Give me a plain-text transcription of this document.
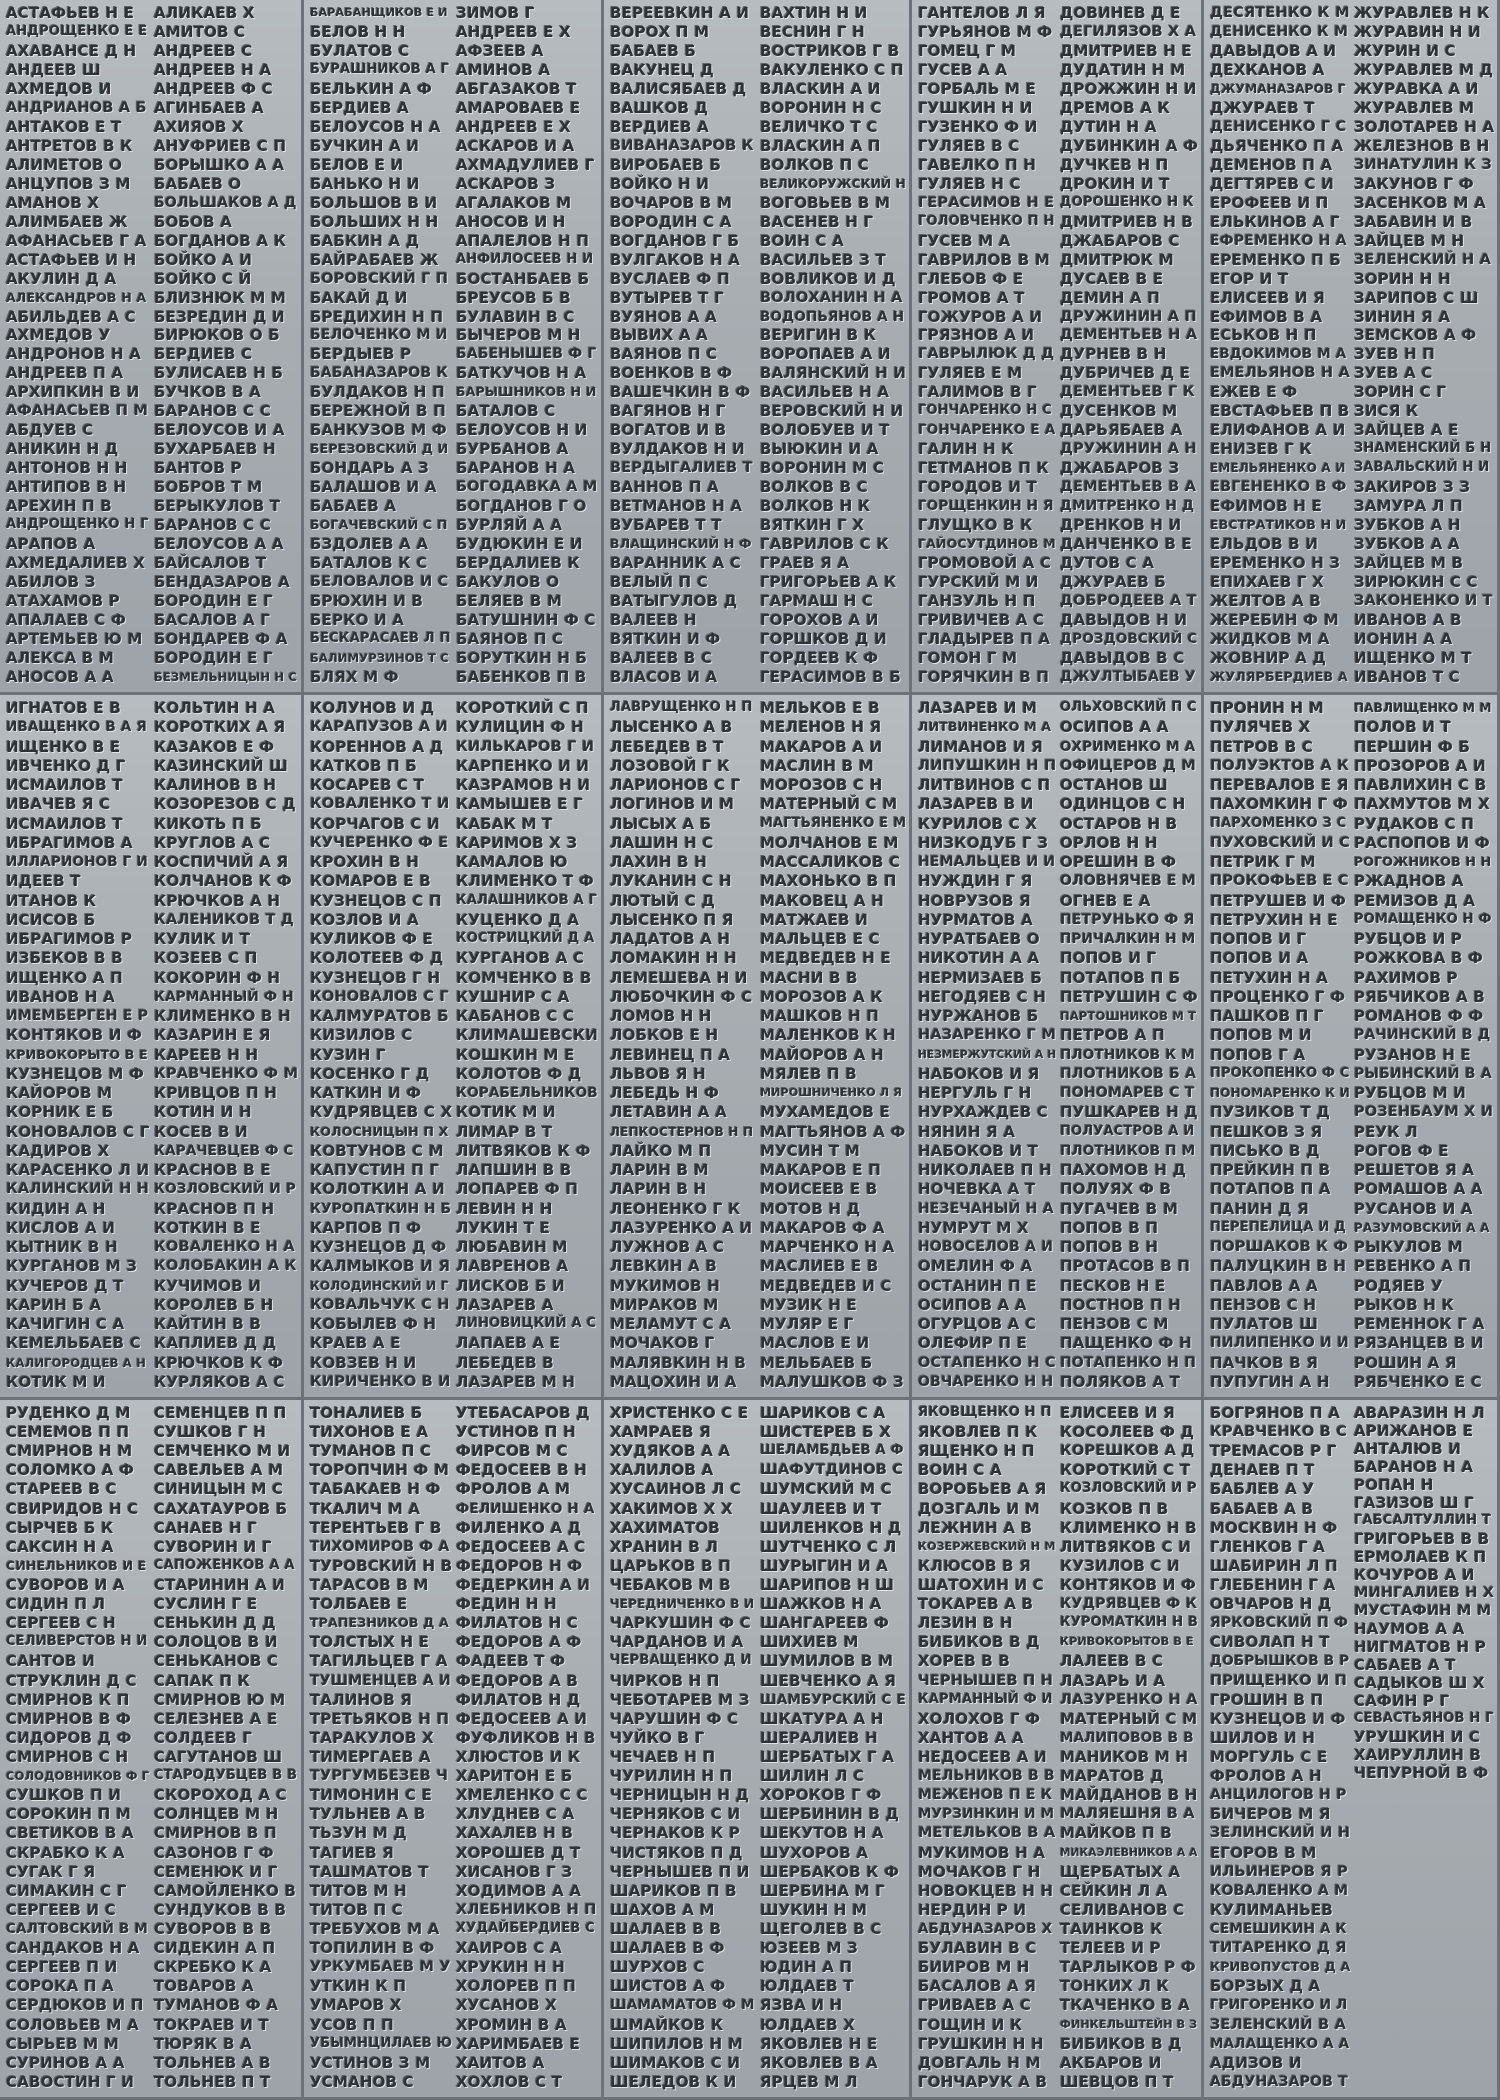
АСТАФЬЕВ Н Е
АНДРОЩЕНКО Е Е
АХАВАНСЕ Д Н
АНДЕЕВ Ш
АХМЕДОВ И
АНДРИАНОВ А Б
АНТАКОВ Е Т
АНТРЕТОВ В К
АЛИМЕТОВ О
АНЦУПОВ З М
АМАНОВ Х
АЛИМБАЕВ Ж
АФАНАСЬЕВ Г А
АСТАФЬЕВ И Н
АКУЛИН Д А
АЛЕКСАНДРОВ Н А
АБИЛЬДЕВ А С
АХМЕДОВ У
АНДРОНОВ Н А
АНДРЕЕВ П А
АРХИПКИН В И
АФАНАСЬЕВ П М
АБДУЕВ С
АНИКИН Н Д
АНТОНОВ Н Н
АНТИПОВ В Н
АРЕХИН П В
АНДРОЩЕНКО Н Г
АРАПОВ А
АХМЕДАЛИЕВ Х
АБИЛОВ З
АТАХАМОВ Р
АПАЛАЕВ С Ф
АРТЕМЬЕВ Ю М
АЛЕКСА В М
АНОСОВ А А
АЛИКАЕВ Х
АМИТОВ С
АНДРЕЕВ С
АНДРЕЕВ Н А
АНДРЕЕВ Ф С
АГИНБАЕВ А
АХИЯОВ Х
АНУФРИЕВ С П
БОРЫШКО А А
БАБАЕВ О
БОЛЬШАКОВ А Д
БОБОВ А
БОГДАНОВ А К
БОЙКО А И
БОЙКО С Й
БЛИЗНЮК М М
БЕЗРЕДИН Д И
БИРЮКОВ О Б
БЕРДИЕВ С
БУЛИСАЕВ Н Б
БУЧКОВ В А
БАРАНОВ С С
БЕЛОУСОВ И А
БУХАРБАЕВ Н
БАНТОВ Р
БОБРОВ Т М
БЕРЫКУЛОВ Т
БАРАНОВ С С
БЕЛОУСОВ А А
БАЙСАЛОВ Т
БЕНДАЗАРОВ А
БОРОДИН Е Г
БАСАЛОВ А Г
БОНДАРЕВ Ф А
БОРОДИН Е Г
БЕЗМЕЛЬНИЦЫН Н С
БАРАБАНЩИКОВ Е И
БЕЛОВ Н Н
БУЛАТОВ С
БУРАШНИКОВ А Г
БЕЛЬКИН А Ф
БЕРДИЕВ А
БЕЛОУСОВ Н А
БУЧКИН А И
БЕЛОВ Е И
БАНЬКО Н И
БОЛЬШОВ В И
БОЛЬШИХ Н Н
БАБКИН А Д
БАЙРАБАЕВ Ж
БОРОВСКИЙ Г П
БАКАЙ Д И
БРЕДИХИН Н П
БЕЛОЧЕНКО М И
БЕРДЫЕВ Р
БАБАНАЗАРОВ К
БУЛДАКОВ Н П
БЕРЕЖНОЙ В П
БАНКУЗОВ М Ф
БЕРЕЗОВСКИЙ Д И
БОНДАРЬ А З
БАЛАШОВ И А
БАБАЕВ А
БОГАЧЕВСКИЙ С П
БЗДОЛЕВ А А
БАТАЛОВ К С
БЕЛОВАЛОВ И С
БРЮХИН И В
БЕРКО И А
БЕСКАРАСАЕВ Л П
БАЛИМУРЗИНОВ Т С
БЛЯХ М Ф
ЗИМОВ Г
АНДРЕЕВ Е Х
АФЗЕЕВ А
АМИНОВ А
АБГАЗАКОВ Т
АМАРОВАЕВ Е
АНДРЕЕВ Е Х
АСКАРОВ И А
АХМАДУЛИЕВ Г
АСКАРОВ З
АГАЛАКОВ М
АНОСОВ И Н
АПАЛЕЛОВ Н П
АНФИЛОСЕЕВ Н И
БОСТАНБАЕВ Б
БРЕУСОВ Б В
БУЛАВИН В С
БЫЧЕРОВ М Н
БАБЕНЫШЕВ Ф Г
БАТКУЧОВ Н А
БАРЫШНИКОВ Н И
БАТАЛОВ С
БЕЛОУСОВ Н И
БУРБАНОВ А
БАРАНОВ Н А
БОГОДАВКА А М
БОГДАНОВ Г О
БУРЛЯЙ А А
БУДЮКИН Е И
БЕРДАЛИЕВ К
БАКУЛОВ О
БЕЛЯЕВ В М
БАТУШНИН Ф С
БАЯНОВ П С
БОРУТКИН Н Б
БАБЕНКОВ П В
ВЕРЕЕВКИН А И
ВОРОХ П М
БАБАЕВ Б
ВАКУНЕЦ Д
ВАЛИСЯБАЕВ Д
ВАШКОВ Д
ВЕРДИЕВ А
ВИВАНАЗАРОВ К
ВИРОБАЕВ Б
ВОЙКО Н И
ВОЧАРОВ В М
ВОРОДИН С А
ВОГДАНОВ Г Б
ВУЛГАКОВ Н А
ВУСЛАЕВ Ф П
ВУТЫРЕВ Т Г
ВУЯНОВ А А
ВЫВИХ А А
ВАЯНОВ П С
ВОЕНКОВ В Ф
ВАШЕЧКИН В Ф
ВАГЯНОВ Н Г
ВОГАТОВ И В
ВУЛДАКОВ Н И
ВЕРДЫГАЛИЕВ Т
ВАННОВ П А
ВЕТМАНОВ Н А
ВУБАРЕВ Т Т
ВЛАЩИНСКИЙ Н Ф
ВАРАННИК А С
ВЕЛЫЙ П С
ВАТЫГУЛОВ Д
ВАЛЕЕВ Н
ВЯТКИН И Ф
ВАЛЕЕВ В С
ВЛАСОВ И А
ВАХТИН Н И
ВЕСНИН Г Н
ВОСТРИКОВ Г В
ВАКУЛЕНКО С П
ВЛАСКИН А И
ВОРОНИН Н С
ВЕЛИЧКО Т С
ВЛАСКИН А П
ВОЛКОВ П С
ВЕЛИКОРУЖСКИЙ Н
ВОГОВЬЕВ В М
ВАСЕНЕВ Н Г
ВОИН С А
ВАСИЛЬЕВ З Т
ВОВЛИКОВ И Д
ВОЛОХАНИН Н А
ВОДОПЬЯНОВ А Н
ВЕРИГИН В К
ВОРОПАЕВ А И
ВАЛЯНСКИЙ Н И
ВАСИЛЬЕВ Н А
ВЕРОВСКИЙ Н И
ВОЛОБУЕВ И Т
ВЫЮКИН И А
ВОРОНИН М С
ВОЛКОВ В С
ВОЛКОВ Н К
ВЯТКИН Г Х
ГАВРИЛОВ С К
ГРАЕВ Я А
ГРИГОРЬЕВ А К
ГАРМАШ Н С
ГОРОХОВ А И
ГОРШКОВ Д И
ГОРДЕЕВ К Ф
ГЕРАСИМОВ В Б
ГАНТЕЛОВ Л Я
ГУРЬЯНОВ М Ф
ГОМЕЦ Г М
ГУСЕВ А А
ГОРБАЛЬ М Е
ГУШКИН Н И
ГУЗЕНКО Ф И
ГУЛЯЕВ В С
ГАВЕЛКО П Н
ГУЛЯЕВ Н С
ГЕРАСИМОВ Н Е
ГОЛОВЧЕНКО П Н
ГУСЕВ М А
ГАВРИЛОВ В М
ГЛЕБОВ Ф Е
ГРОМОВ А Т
ГОЖУРОВ А И
ГРЯЗНОВ А И
ГАВРЫЛЮК Д Д
ГУЛЯЕВ Е М
ГАЛИМОВ В Г
ГОНЧАРЕНКО Н С
ГОНЧАРЕНКО Е А
ГАЛИН Н К
ГЕТМАНОВ П К
ГОРОДОВ И Т
ГОРЩЕНКИН Н Я
ГЛУЩКО В К
ГАЙОСУТДИНОВ М
ГРОМОВОЙ А С
ГУРСКИЙ М И
ГАНЗУЛЬ Н П
ГРИВИЧЕВ А С
ГЛАДЫРЕВ П А
ГОМОН Г М
ГОРЯЧКИН В П
ДОВИНЕВ Д Е
ДЕГИЛЯЗОВ Х А
ДМИТРИЕВ Н Е
ДУДАТИН Н М
ДРОЖЖИН Н И
ДРЕМОВ А К
ДУТИН Н А
ДУБИНКИН А Ф
ДУЧКЕВ Н П
ДРОКИН И Т
ДОРОШЕНКО Н К
ДМИТРИЕВ Н В
ДЖАБАРОВ С
ДМИТРЮК М
ДУСАЕВ В Е
ДЕМИН А П
ДРУЖИНИН А П
ДЕМЕНТЬЕВ Н А
ДУРНЕВ В Н
ДУБРИЧЕВ Д Е
ДЕМЕНТЬЕВ Г К
ДУСЕНКОВ М
ДАРЬЯБАЕВ А
ДРУЖИНИН А Н
ДЖАБАРОВ З
ДЕМЕНТЬЕВ В А
ДМИТРЕНКО Н Д
ДРЕНКОВ Н И
ДАНЧЕНКО В Е
ДУТОВ С А
ДЖУРАЕВ Б
ДОБРОДЕЕВ А Т
ДАВЫДОВ Н И
ДРОЗДОВСКИЙ С
ДАВЫДОВ В С
ДЖУЛТЫБАЕВ У
ДЕСЯТЕНКО К М
ДЕНИСЕНКО К М
ДАВЫДОВ А И
ДЕХКАНОВ А
ДЖУМАНАЗАРОВ Г
ДЖУРАЕВ Т
ДЕНИСЕНКО Г С
ДЬЯЧЕНКО П А
ДЕМЕНОВ П А
ДЕГТЯРЕВ С И
ЕРОФЕЕВ И П
ЕЛЬКИНОВ А Г
ЕФРЕМЕНКО Н А
ЕРЕМЕНКО П Б
ЕГОР И Т
ЕЛИСЕЕВ И Я
ЕФИМОВ В А
ЕСЬКОВ Н П
ЕВДОКИМОВ М А
ЕМЕЛЬЯНОВ Н А
ЕЖЕВ Е Ф
ЕВСТАФЬЕВ П В
ЕЛИФАНОВ А И
ЕНИЗЕВ Г К
ЕМЕЛЬЯНЕНКО А И
ЕВГЕНЕНКО В Ф
ЕФИМОВ Н Е
ЕВСТРАТИКОВ Н И
ЕЛЬДОВ В И
ЕРЕМЕНКО Н З
ЕПИХАЕВ Г Х
ЖЕЛТОВ А В
ЖЕРЕБИН Ф М
ЖИДКОВ М А
ЖОВНИР А Д
ЖУЛЯРБЕРДИЕВ А
ЖУРАВЛЕВ Н К
ЖУРАВИН Н И
ЖУРИН И С
ЖУРАВЛЕВ М Д
ЖУРАВКА А И
ЖУРАВЛЕВ М
ЗОЛОТАРЕВ Н А
ЖЕЛЕЗНОВ В Н
ЗИНАТУЛИН К З
ЗАКУНОВ Г Ф
ЗАСЕНКОВ М А
ЗАБАВИН И В
ЗАЙЦЕВ М Н
ЗЕЛЕНСКИЙ Н А
ЗОРИН Н Н
ЗАРИПОВ С Ш
ЗИНИН Я А
ЗЕМСКОВ А Ф
ЗУЕВ Н П
ЗУЕВ А С
ЗОРИН С Г
ЗИСЯ К
ЗАЙЦЕВ А Е
ЗНАМЕНСКИЙ Б Н
ЗАВАЛЬСКИЙ Н И
ЗАКИРОВ З З
ЗАМУРА Л П
ЗУБКОВ А Н
ЗУБКОВ А А
ЗАЙЦЕВ М В
ЗИРЮКИН С С
ЗАКОНЕНКО И Т
ИВАНОВ А В
ИОНИН А А
ИЩЕНКО М Т
ИВАНОВ Т С
ИГНАТОВ Е В
ИВАЩЕНКО В А Я
ИЩЕНКО В Е
ИВЧЕНКО Д Г
ИСМАИЛОВ Т
ИВАЧЕВ Я С
ИСМАИЛОВ Т
ИБРАГИМОВ А
ИЛЛАРИОНОВ Г И
ИДЕЕВ Т
ИТАНОВ К
ИСИСОВ Б
ИБРАГИМОВ Р
ИЗБЕКОВ В В
ИЩЕНКО А П
ИВАНОВ Н А
ИМЕМБЕРГЕН Е Р
КОНТЯКОВ И Ф
КРИВОКОРЫТО В Е
КУЗНЕЦОВ М Ф
КАЙОРОВ М
КОРНИК Е Б
КОНОВАЛОВ С Г
КАДИРОВ Х
КАРАСЕНКО Л И
КАЛИНСКИЙ Н Н
КИДИН А Н
КИСЛОВ А И
КЫТНИК В Н
КУРГАНОВ М З
КУЧЕРОВ Д Т
КАРИН Б А
КАЧИГИН С А
КЕМЕЛЬБАЕВ С
КАЛИГОРОДЦЕВ А Н
КОТИК М И
КОЛЬТИН Н А
КОРОТКИХ А Я
КАЗАКОВ Е Ф
КАЗИНСКИЙ Ш
КАЛИНОВ В Н
КОЗОРЕЗОВ С Д
КИКОТЬ П Б
КРУГЛОВ А С
КОСПИЧИЙ А Я
КОЛЧАНОВ К Ф
КРЮЧКОВ А Н
КАЛЕНИКОВ Т Д
КУЛИК И Т
КОЗЕЕВ С П
КОКОРИН Ф Н
КАРМАННЫЙ Ф Н
КЛИМЕНКО В Н
КАЗАРИН Е Я
КАРЕЕВ Н Н
КРАВЧЕНКО Ф М
КРИВЦОВ П Н
КОТИН И Н
КОСЕВ В И
КАРАЧЕВЦЕВ Ф С
КРАСНОВ В Е
КОЗЛОВСКИЙ И Р
КРАСНОВ П Н
КОТКИН В Е
КОВАЛЕНКО Н А
КОЛОБАКИН А К
КУЧИМОВ И
КОРОЛЕВ Б Н
КАЙТИН В В
КАПЛИЕВ Д Д
КРЮЧКОВ К Ф
КУРЛЯКОВ А С
КОЛУНОВ И Д
КАРАПУЗОВ А И
КОРЕННОВ А Д
КАТКОВ П Б
КОСАРЕВ С Т
КОВАЛЕНКО Т И
КОРЧАГОВ С И
КУЧЕРЕНКО Ф Е
КРОХИН В Н
КОМАРОВ Е В
КУЗНЕЦОВ С П
КОЗЛОВ И А
КУЛИКОВ Ф Е
КОЛОТЕЕВ Ф Д
КУЗНЕЦОВ Г Н
КОНОВАЛОВ С Г
КАЛМУРАТОВ Б
КИЗИЛОВ С
КУЗИН Г
КОСЕНКО Г Д
КАТКИН И Ф
КУДРЯВЦЕВ С Х
КОЛОСНИЦЫН П Х
КОВТУНОВ С М
КАПУСТИН П Г
КОЛОТКИН А И
КУРОПАТКИН Н Б
КАРПОВ П Ф
КУЗНЕЦОВ Д Ф
КАЛМЫКОВ И Я
КОЛОДИНСКИЙ И Г
КОВАЛЬЧУК С Н
КОБЫЛЕВ Ф Н
КРАЕВ А Е
КОВЗЕВ Н И
КИРИЧЕНКО В И
КОРОТКИЙ С П
КУЛИЦИН Ф Н
КИЛЬКАРОВ Г И
КАРПЕНКО И И
КАЗРАМОВ Н И
КАМЫШЕВ Е Г
КАБАК М Т
КАРИМОВ Х З
КАМАЛОВ Ю
КЛИМЕНКО Т Ф
КАЛАШНИКОВ А Г
КУЦЕНКО Д А
КОСТРИЦКИЙ Д А
КУРГАНОВ А С
КОМЧЕНКО В В
КУШНИР С А
КАБАНОВ С С
КЛИМАШЕВСКИ
КОШКИН М Е
КОЛОТОВ Ф Д
КОРАБЕЛЬНИКОВ
КОТИК М И
ЛИМАР В Т
ЛИТВЯКОВ К Ф
ЛАПШИН В В
ЛОПАРЕВ Ф П
ЛЕВИН Н Н
ЛУКИН Т Е
ЛЮБАВИН М
ЛАВРЕНОВ А
ЛИСКОВ Б И
ЛАЗАРЕВ А
ЛИНОВИЦКИЙ А С
ЛАПАЕВ А Е
ЛЕБЕДЕВ В
ЛАЗАРЕВ М Н
ЛАВРУЩЕНКО Н П
ЛЫСЕНКО А В
ЛЕБЕДЕВ В Т
ЛОЗОВОЙ Г К
ЛАРИОНОВ С Г
ЛОГИНОВ И М
ЛЫСЫХ А Б
ЛАШИН Н С
ЛАХИН В Н
ЛУКАНИН С Н
ЛЮТЫЙ С Д
ЛЫСЕНКО П Я
ЛАДАТОВ А Н
ЛОМАКИН Н Н
ЛЕМЕШЕВА Н И
ЛЮБОЧКИН Ф С
ЛОМОВ Н Н
ЛОБКОВ Е Н
ЛЕВИНЕЦ П А
ЛЬВОВ Я Н
ЛЕБЕДЬ Н Ф
ЛЕТАВИН А А
ЛЕПКОСТЕРНОВ Н П
ЛАЙКО М П
ЛАРИН В М
ЛАРИН В Н
ЛЕОНЕНКО Г К
ЛАЗУРЕНКО А И
ЛУЖНОВ А С
ЛЕВКИН А В
МУКИМОВ Н
МИРАКОВ М
МЕЛАМУТ С А
МОЧАКОВ Г
МАЛЯВКИН Н В
МАЦОХИН И А
МЕЛЬКОВ Е В
МЕЛЕНОВ Н Я
МАКАРОВ А И
МАСЛИН В М
МОРОЗОВ С Н
МАТЕРНЫЙ С М
МАГТЬЯНЕНКО Е М
МОЛЧАНОВ Е М
МАССАЛИКОВ С
МАХОНЬКО В П
МАКОВЕЦ А Н
МАТЖАЕВ И
МАЛЬЦЕВ Е С
МЕДВЕДЕВ Н Е
МАСНИ В В
МОРОЗОВ А К
МАШКОВ Н П
МАЛЕНКОВ К Н
МАЙОРОВ А Н
МЯЛЕВ П В
МИРОШНИЧЕНКО Л Я
МУХАМЕДОВ Е
МАГТЬЯНОВ А Ф
МУСИН Т М
МАКАРОВ Е П
МОИСЕЕВ Е В
МОТОВ Н Д
МАКАРОВ Ф А
МАРЧЕНКО Н А
МАСЛИЕВ Е В
МЕДВЕДЕВ И С
МУЗИК Н Е
МУЛЯР Е Г
МАСЛОВ Е И
МЕЛЬБАЕВ Б
МАЛУШКОВ Ф З
ЛАЗАРЕВ И М
ЛИТВИНЕНКО М А
ЛИМАНОВ И Я
ЛИПУШКИН Н П
ЛИТВИНОВ С П
ЛАЗАРЕВ В И
КУРИЛОВ С Х
НИЗКОДУБ Г З
НЕМАЛЬЦЕВ И И
НУЖДИН Г Я
НОВРУЗОВ Я
НУРМАТОВ А
НУРАТБАЕВ О
НИКОТИН А А
НЕРМИЗАЕВ Б
НЕГОДЯЕВ С Н
НУРЖАНОВ Б
НАЗАРЕНКО Г М
НЕЗМЕРЖУТСКИЙ А Н
НАБОКОВ И Я
НЕРГУЛЬ Г Н
НУРХАЖДЕВ С
НЯНИН Я А
НАБОКОВ И Т
НИКОЛАЕВ П Н
НОЧЕВКА А Т
НЕЗЕЧАНЫЙ Н А
НУМРУТ М Х
НОВОСЕЛОВ А И
ОМЕЛИН Ф А
ОСТАНИН П Е
ОСИПОВ А А
ОГУРЦОВ А С
ОЛЕФИР П Е
ОСТАПЕНКО Н С
ОВЧАРЕНКО Н Н
ОЛЬХОВСКИЙ П С
ОСИПОВ А А
ОХРИМЕНКО М А
ОФИЦЕРОВ Д М
ОСТАНОВ Ш
ОДИНЦОВ С Н
ОСТАРОВ Н В
ОРЛОВ Н Н
ОРЕШИН В Ф
ОЛОВНЯЧЕВ Е М
ОГНЕВ Е А
ПЕТРУНЬКО Ф Я
ПРИЧАЛКИН Н М
ПОПОВ И Г
ПОТАПОВ П Б
ПЕТРУШИН С Ф
ПАРТОШНИКОВ М Т
ПЕТРОВ А П
ПЛОТНИКОВ К М
ПЛОТНИКОВ Б А
ПОНОМАРЕВ С Т
ПУШКАРЕВ Н Д
ПОЛУАСТРОВ А И
ПЛОТНИКОВ П М
ПАХОМОВ Н Д
ПОЛУЯХ Ф В
ПУГАЧЕВ В М
ПОПОВ В П
ПОПОВ В Н
ПРОТАСОВ В П
ПЕСКОВ Н Е
ПОСТНОВ П Н
ПЕНЗОВ С М
ПАЩЕНКО Ф Н
ПОТАПЕНКО Н П
ПОЛЯКОВ А Т
ПРОНИН Н М
ПУЛЯЧЕВ Х
ПЕТРОВ В С
ПОЛУЭКТОВ А К
ПЕРЕВАЛОВ Е Я
ПАХОМКИН Г Ф
ПАРХОМЕНКО З С
ПУХОВСКИЙ И С
ПЕТРИК Г М
ПРОКОФЬЕВ Е С
ПЕТРУШЕВ И Ф
ПЕТРУХИН Н Е
ПОПОВ И Г
ПОПОВ И А
ПЕТУХИН Н А
ПРОЦЕНКО Г Ф
ПАШКОВ П Г
ПОПОВ М И
ПОПОВ Г А
ПРОКОПЕНКО Ф С
ПОНОМАРЕНКО К И
ПУЗИКОВ Т Д
ПЕШКОВ З Я
ПИСЬКО В Д
ПРЕЙКИН П В
ПОТАПОВ П А
ПАНИН Д Я
ПЕРЕПЕЛИЦА И Д
ПОРШАКОВ К Ф
ПАЛУЦКИН В Н
ПАВЛОВ А А
ПЕНЗОВ С Н
ПУЛАТОВ Ш
ПИЛИПЕНКО И И
ПАЧКОВ В Я
ПУПУГИН А Н
ПАВЛИЩЕНКО М М
ПОЛОВ И Т
ПЕРШИН Ф Б
ПРОЗОРОВ А И
ПАВЛИХИН С В
ПАХМУТОВ М Х
РУДАКОВ С П
РАСПОПОВ И Ф
РОГОЖНИКОВ Н Н
РЖАДНОВ А
РЕМИЗОВ Д А
РОМАЩЕНКО Н Ф
РУБЦОВ И Р
РОЖКОВА В Ф
РАХИМОВ Р
РЯБЧИКОВ А В
РОМАНОВ Ф Ф
РАЧИНСКИЙ В Д
РУЗАНОВ Н Е
РЫБИНСКИЙ В А
РУБЦОВ М И
РОЗЕНБАУМ Х И
РЕУК Л
РОГОВ Ф Е
РЕШЕТОВ Я А
РОМАШОВ А А
РУСАНОВ И А
РАЗУМОВСКИЙ А А
РЫКУЛОВ М
РЕВЕНКО А П
РОДЯЕВ У
РЫКОВ Н К
РЕМЕННОК Г А
РЯЗАНЦЕВ В И
РОШИН А Я
РЯБЧЕНКО Е С
РУДЕНКО Д М
СЕМЕМОВ П П
СМИРНОВ Н М
СОЛОМКО А Ф
СТАРЕЕВ В С
СВИРИДОВ Н С
СЫРЧЕВ Б К
САКСИН Н А
СИНЕЛЬНИКОВ И Е
СУВОРОВ И А
СИДИН П Л
СЕРГЕЕВ С Н
СЕЛИВЕРСТОВ Н И
САНТОВ И
СТРУКЛИН Д С
СМИРНОВ К П
СМИРНОВ В Ф
СИДОРОВ Д Ф
СМИРНОВ С Н
СОЛОДОВНИКОВ Ф Г
СУШКОВ П И
СОРОКИН П М
СВЕТИКОВ В А
СКРАБКО К А
СУГАК Г Я
СИМАКИН С Г
СЕРГЕЕВ И С
САЛТОВСКИЙ В М
САНДАКОВ Н А
СЕРГЕЕВ П И
СОРОКА П А
СЕРДЮКОВ И П
СОЛОВЬЕВ М А
СЫРЬЕВ М М
СУРИНОВ А А
САВОСТИН Г И
СЕМЕНЦЕВ П П
СУШКОВ Г Н
СЕМЧЕНКО М И
САВЕЛЬЕВ А М
СИНИЦЫН М С
САХАТАУРОВ Б
САНАЕВ Н Г
СУВОРИН И Г
САПОЖЕНКОВ А А
СТАРИНИН А И
СУСЛИН Г Е
СЕНЬКИН Д Д
СОЛОЦОВ В И
СЕНЬКАНОВ С
САПАК П К
СМИРНОВ Ю М
СЕЛЕЗНЕВ А Е
СОЛДЕЕВ Г
САГУТАНОВ Ш
СТАРОДУБЦЕВ В В
СКОРОХОД А С
СОЛНЦЕВ М Н
СМИРНОВ В П
САЗОНОВ Г Ф
СЕМЕНЮК И Г
САМОЙЛЕНКО В
СУНДУКОВ В В
СУВОРОВ В В
СИДЕКИН А П
СКРЕБКО К А
ТОВАРОВ А
ТУМАНОВ Ф А
ТОКРАЕВ И Т
ТЮРЯК В А
ТОЛЬНЕВ А В
ТОЛЬНЕВ П Т
ТОНАЛИЕВ Б
ТИХОНОВ Е А
ТУМАНОВ П С
ТОРОПЧИН Ф М
ТАБАКАЕВ Н Ф
ТКАЛИЧ М А
ТЕРЕНТЬЕВ Г В
ТИХОМИРОВ Ф А
ТУРОВСКИЙ Н В
ТАРАСОВ В М
ТОЛБАЕВ Е
ТРАПЕЗНИКОВ Д А
ТОЛСТЫХ Н Е
ТАГИЛЬЦЕВ Г А
ТУШМЕНЦЕВ А И
ТАЛИНОВ Я
ТРЕТЬЯКОВ Н П
ТАРАКУЛОВ Х
ТИМЕРГАЕВ А
ТУРГУМБЕЗЕВ Ч
ТИМОНИН С Е
ТУЛЬНЕВ А В
ТЬЗУН М Д
ТАГИЕВ Я
ТАШМАТОВ Т
ТИТОВ М Н
ТИТОВ П С
ТРЕБУХОВ М А
ТОПИЛИН В Ф
УРКУМБАЕВ М У
УТКИН К П
УМАРОВ Х
УСОВ П П
УБЫМНЦИЛАЕВ Ю
УСТИНОВ З М
УСМАНОВ С
УТЕБАСАРОВ Д
УСТИНОВ П Н
ФИРСОВ М С
ФЕДОСЕЕВ В Н
ФРОЛОВ А М
ФЕЛИШЕНКО Н А
ФИЛЕНКО А Д
ФЕДОСЕЕВ А С
ФЕДОРОВ Н Ф
ФЕДЕРКИН А И
ФЕДИН Н Н
ФИЛАТОВ Н С
ФЕДОРОВ А Ф
ФАДЕЕВ Т Ф
ФЕДОРОВ А В
ФИЛАТОВ Н Д
ФЕДОСЕЕВ А И
ФУФЛИКОВ Н В
ХЛЮСТОВ И К
ХАРИТОН Е Б
ХМЕЛЕНКО С С
ХЛУДНЕВ С А
ХАХАЛЕВ Н В
ХОРОШЕВ Д Т
ХИСАНОВ Г З
ХОДИМОВ А А
ХЛЕБНИКОВ Н П
ХУДАЙБЕРДИЕВ С
ХАИРОВ С А
ХРУКИН Н Н
ХОЛОРЕВ П П
ХУСАНОВ Х
ХРОМИН В А
ХАРИМБАЕВ Е
ХАИТОВ А
ХОХЛОВ С Т
ХРИСТЕНКО С Е
ХАМРАЕВ Я
ХУДЯКОВ А А
ХАЛИЛОВ А
ХУСАИНОВ Л С
ХАКИМОВ Х Х
ХАХИМАТОВ
ХРАНИН В Л
ЦАРЬКОВ В П
ЧЕБАКОВ М В
ЧЕРЕДНИЧЕНКО В И
ЧАРКУШИН Ф С
ЧАРДАНОВ И А
ЧЕРВАЩЕНКО Д И
ЧИРКОВ Н П
ЧЕБОТАРЕВ М З
ЧАРУШИН Ф С
ЧУЙКО В Г
ЧЕЧАЕВ Н П
ЧУРИЛИН Н П
ЧЕРНИЦЫН Н Д
ЧЕРНЯКОВ С И
ЧЕРНАКОВ К Р
ЧИСТЯКОВ П Д
ЧЕРНЫШЕВ П И
ШАРИКОВ П В
ШАХОВ А М
ШАЛАЕВ В В
ШАЛАЕВ В Ф
ШУРХОВ С
ШИСТОВ А Ф
ШАМАМАТОВ Ф М
ШМАЙКОВ К
ШИПИЛОВ Н М
ШИМАКОВ С И
ШЕЛЕДОВ К И
ШАРИКОВ С А
ШИСТЕРЕВ Б Х
ШЕЛАМБДЬЕВ А Ф
ШАФУТДИНОВ С
ШУМСКИЙ М С
ШАУЛЕЕВ И Т
ШИЛЕНКОВ Н Д
ШУТЧЕНКО С Л
ШУРЫГИН И А
ШАРИПОВ Н Ш
ШАЖКОВ Н А
ШАНГАРЕЕВ Ф
ШИХИЕВ М
ШУМИЛОВ В М
ШЕВЧЕНКО А Я
ШАМБУРСКИЙ С Е
ШКАТУРА А Н
ШЕРАЛИЕВ Н
ШЕРБАТЫХ Г А
ШИЛИН Л С
ХОРОКОВ Г Ф
ШЕРБИНИН В Д
ШЕКУТОВ Н А
ШУХОРОВ А
ШЕРБАКОВ К Ф
ШЕРБИНА М Г
ШУКИН Н М
ЩЕГОЛЕВ В С
ЮЗЕЕВ М З
ЮДИН А П
ЮЛДАЕВ Т
ЯЗВА И Н
ЮЛДАЕВ Х
ЯКОВЛЕВ Н Е
ЯКОВЛЕВ В А
ЯРЦЕВ М Л
ЯКОВЩЕНКО Н П
ЯКОВЛЕВ П К
ЯЩЕНКО Н П
ВОИН С А
ВОРОБЬЕВ А Я
ДОЗГАЛЬ И М
ЛЕЖНИН А В
КОЗЕРЖЕВСКИЙ Н М
КЛЮСОВ В Я
ШАТОХИН И С
ТОКАРЕВ А В
ЛЕЗИН В Н
БИБИКОВ В Д
ХОРЕВ В В
ЧЕРНЫШЕВ П Н
КАРМАННЫЙ Ф И
ХОЛОХОВ Г Ф
ХАНТОВ А А
НЕДОСЕЕВ А И
МЕЛЬНИКОВ В В
МЕЖЕНОВ П Е К
МУРЗИНКИН И М
МЕТЕЛЬКОВ В А
МУКИМОВ Н А
МОЧАКОВ Г Н
НОВОКЦЕВ Н Н
НЕРДИН Р И
АБДУНАЗАРОВ Х
БУЛАВИН В С
БИИРОВ М Н
БАСАЛОВ А Я
ГРИВАЕВ А С
ГОЩИН И К
ГРУШКИН Н Н
ДОВГАЛЬ Н М
ГОНЧАРУК А В
ЕЛИСЕЕВ И Я
КОСОЛЕЕВ Ф Д
КОРЕШКОВ А Д
КОРОТКИЙ С Т
КОЗЛОВСКИЙ И Р
КОЗКОВ П В
КЛИМЕНКО Н В
ЛИТВЯКОВ С И
КУЗИЛОВ С И
КОНТЯКОВ И Ф
КУДРЯВЦЕВ Ф К
КУРОМАТКИН Н В
КРИВОКОРЫТОВ В Е
ЛАЛЕЕВ В С
ЛАЗАРЬ И А
ЛАЗУРЕНКО Н А
МАТЕРНЫЙ С М
МАЛИПОВОВ В В
МАНИКОВ М Н
МАРАТОВ Д
МАЙДАНОВ В Н
МАЛЯЕШНЯ В А
МАЙКОВ П В
МИКАЭЛЕВНИКОВ А А
ЩЕРБАТЫХ А
СЕЙКИН Л А
СЕЛИВАНОВ С
ТАИНКОВ К
ТЕЛЕЕВ И Р
ТАРЛЫКОВ Р Ф
ТОНКИХ Л К
ТКАЧЕНКО В А
ФИНКЕЛЬШТЕЙН В З
БИБИКОВ В Д
АКБАРОВ И
ШЕВЦОВ П Т
БОГРЯНОВ П А
КРАВЧЕНКО В С
ТРЕМАСОВ Р Г
ДЕНАЕВ П Т
БАБЛЕВ А У
БАБАЕВ А В
МОСКВИН Н Ф
ГЛЕНКОВ Г А
ШАБИРИН Л П
ГЛЕБЕНИН Г А
ОВЧАРОВ Н Д
ЯРКОВСКИЙ П Ф
СИВОЛАП Н Т
ДОБРЫШКОВ В Р
ПРИЩЕНКО И П
ГРОШИН В П
КУЗНЕЦОВ И Ф
ШИЛОВ И Н
МОРГУЛЬ С Е
ФРОЛОВ А Н
АНЦИЛОГОВ Н Р
БИЧЕРОВ М Я
ЗЕЛИНСКИЙ И Н
ЕГОРОВ В М
ИЛЬИНЕРОВ Я Р
КОВАЛЕНКО А М
КУЛИМАНЬЕВ
СЕМЕШИКИН А К
ТИТАРЕНКО Д Я
КРИВОПУСТОВ Д А
БОРЗЫХ Д А
ГРИГОРЕНКО И Л
ЗЕЛЕНСКИЙ В А
МАЛАЩЕНКО А А
АДИЗОВ И
АБДУНАЗАРОВ Т
АВАРАЗИН Н Л
АРИЖАНОВ Е
АНТАЛЮВ И
БАРАНОВ Н А
РОПАН Н
ГАЗИЗОВ Ш Г
ГАБСАЛТУЛЛИН Т
ГРИГОРЬЕВ В В
ЕРМОЛАЕВ К П
КОЧУРОВ А И
МИНГАЛИЕВ Н Х
МУСТАФИН М М
НАУМОВ А А
НИГМАТОВ Н Р
САБАЕВ А Т
САДЫКОВ Ш Х
САФИН Р Г
СЕВАСТЬЯНОВ Н Г
УРУШКИН И С
ХАИРУЛЛИН В
ЧЕПУРНОЙ В Ф
